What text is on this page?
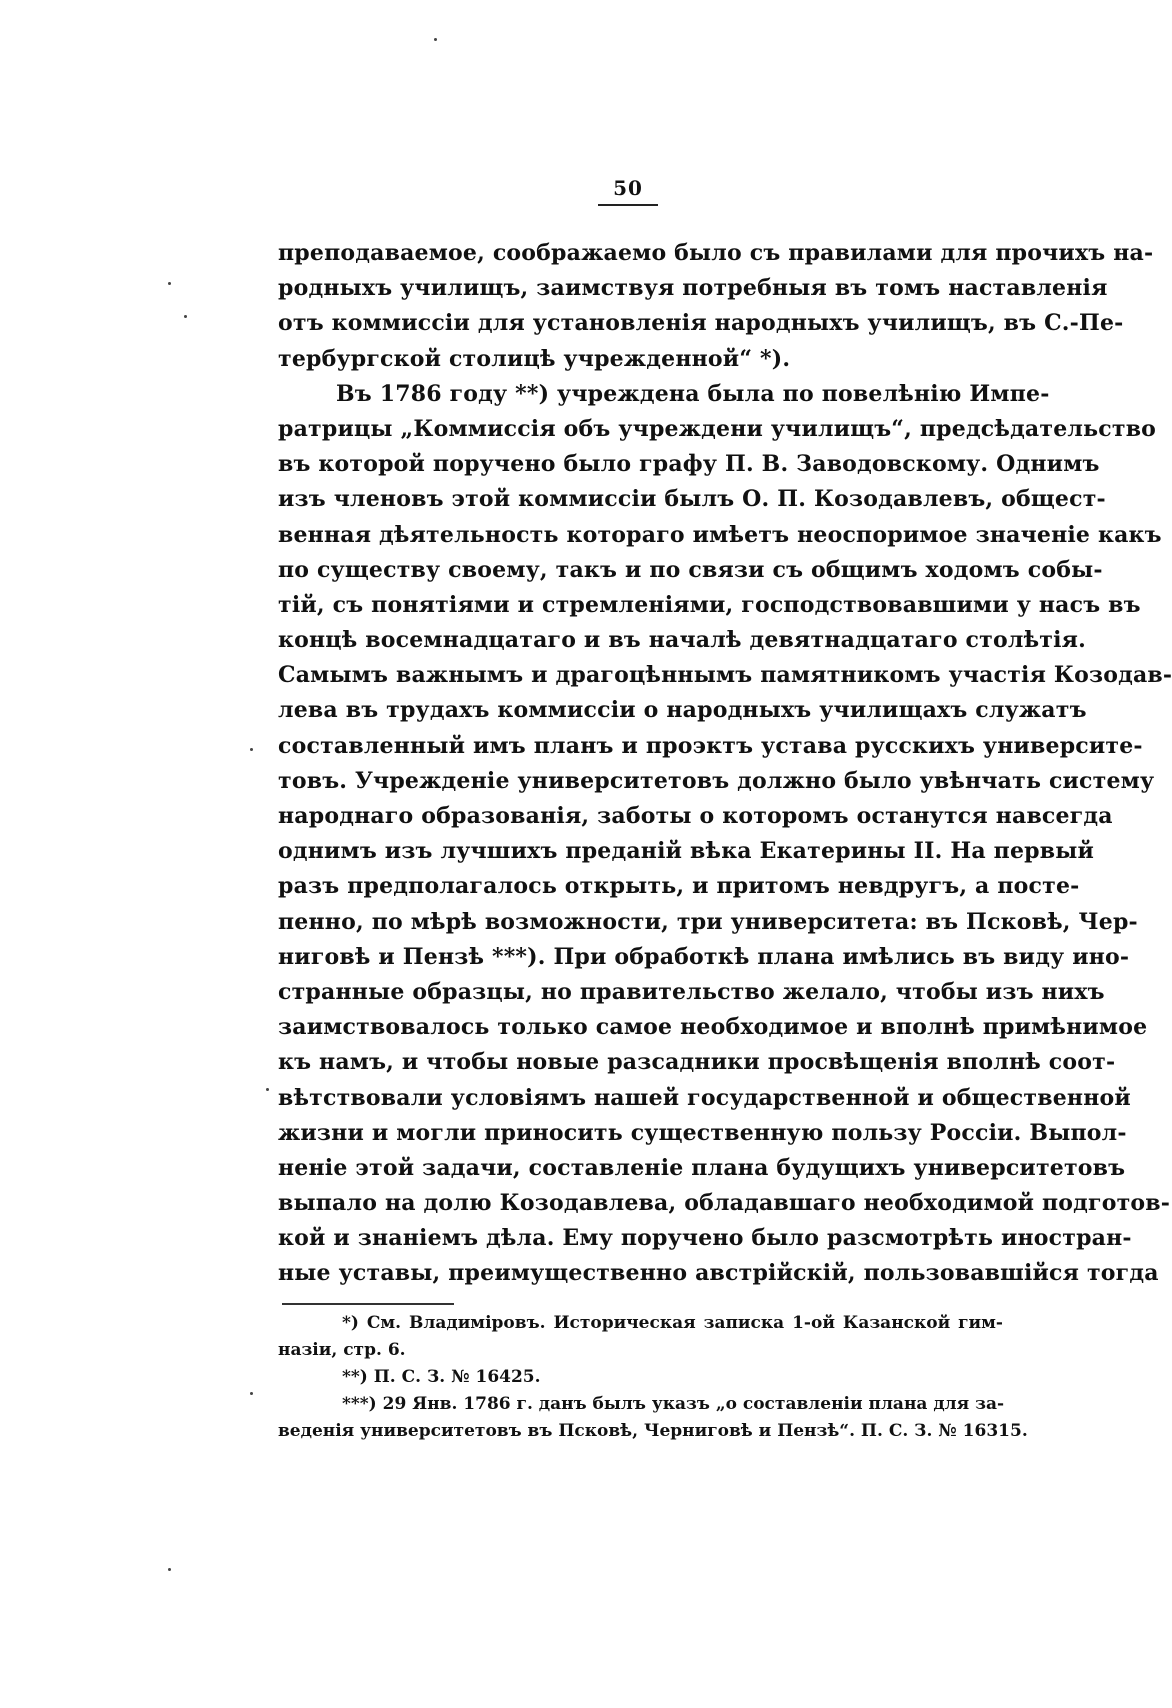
50
преподаваемое, соображаемо было съ правилами для прочихъ на-
родныхъ училищъ, заимствуя потребныя въ томъ наставленія
отъ коммиссіи для установленія народныхъ училищъ, въ С.-Пе-
тербургской столицѣ учрежденной“ *).
Въ 1786 году **) учреждена была по повелѣнію Импе-
ратрицы „Коммиссія объ учреждени училищъ“, предсѣдательство
въ которой поручено было графу П. В. Заводовскому. Однимъ
изъ членовъ этой коммиссіи былъ О. П. Козодавлевъ, общест-
венная дѣятельность котораго имѣетъ неоспоримое значеніе какъ
по существу своему, такъ и по связи съ общимъ ходомъ собы-
тій, съ понятіями и стремленіями, господствовавшими у насъ въ
концѣ восемнадцатаго и въ началѣ девятнадцатаго столѣтія.
Самымъ важнымъ и драгоцѣннымъ памятникомъ участія Козодав-
лева въ трудахъ коммиссіи о народныхъ училищахъ служатъ
составленный имъ планъ и проэктъ устава русскихъ университе-
товъ. Учрежденіе университетовъ должно было увѣнчать систему
народнаго образованія, заботы о которомъ останутся навсегда
однимъ изъ лучшихъ преданій вѣка Екатерины II. На первый
разъ предполагалось открыть, и притомъ невдругъ, а посте-
пенно, по мѣрѣ возможности, три университета: въ Псковѣ, Чер-
ниговѣ и Пензѣ ***). При обработкѣ плана имѣлись въ виду ино-
странные образцы, но правительство желало, чтобы изъ нихъ
заимствовалось только самое необходимое и вполнѣ примѣнимое
къ намъ, и чтобы новые разсадники просвѣщенія вполнѣ соот-
вѣтствовали условіямъ нашей государственной и общественной
жизни и могли приносить существенную пользу Россіи. Выпол-
неніе этой задачи, составленіе плана будущихъ университетовъ
выпало на долю Козодавлева, обладавшаго необходимой подготов-
кой и знаніемъ дѣла. Ему поручено было разсмотрѣть иностран-
ные уставы, преимущественно австрійскій, пользовавшійся тогда
*) См. Владиміровъ. Историческая записка 1-ой Казанской гим-
назіи, стр. 6.
**) П. С. З. № 16425.
***) 29 Янв. 1786 г. данъ былъ указъ „о составленіи плана для за-
веденія университетовъ въ Псковѣ, Черниговѣ и Пензѣ“. П. С. З. № 16315.
